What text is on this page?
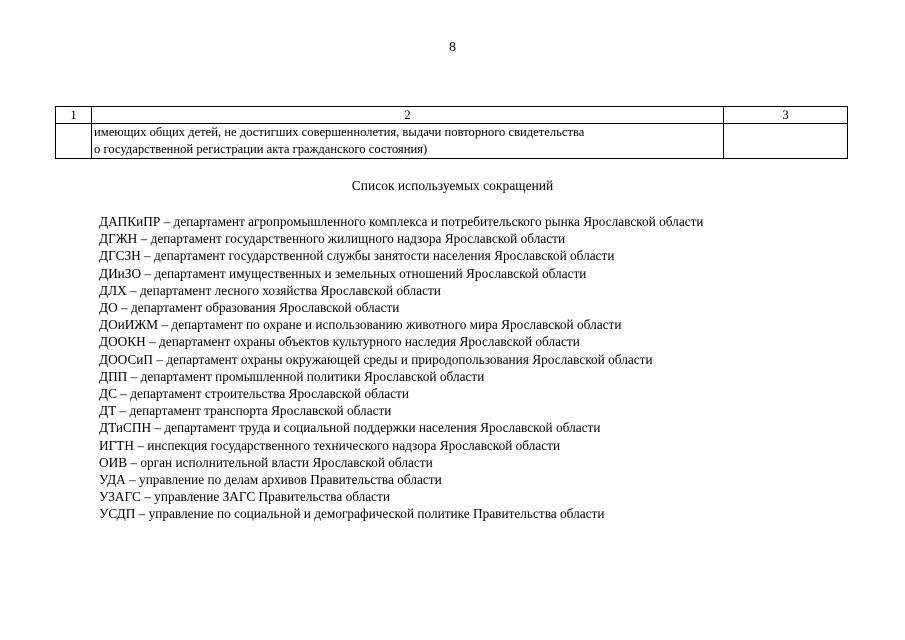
8
1	2	3

	имеющих общих детей, не достигших совершеннолетия, выдачи повторного свидетельства
о государственной регистрации акта гражданского состояния)	

Список используемых сокращений
ДАПКиПР – департамент агропромышленного комплекса и потребительского рынка Ярославской области
ДГЖН – департамент государственного жилищного надзора Ярославской области
ДГСЗН – департамент государственной службы занятости населения Ярославской области
ДИиЗО – департамент имущественных и земельных отношений Ярославской области
ДЛХ – департамент лесного хозяйства Ярославской области
ДО – департамент образования Ярославской области
ДОиИЖМ – департамент по охране и использованию животного мира Ярославской области
ДООКН – департамент охраны объектов культурного наследия Ярославской области
ДООСиП – департамент охраны окружающей среды и природопользования Ярославской области
ДПП – департамент промышленной политики Ярославской области
ДС – департамент строительства Ярославской области
ДТ – департамент транспорта Ярославской области
ДТиСПН – департамент труда и социальной поддержки населения Ярославской области
ИГТН – инспекция государственного технического надзора Ярославской области
ОИВ – орган исполнительной власти Ярославской области
УДА – управление по делам архивов Правительства области
УЗАГС – управление ЗАГС Правительства области
УСДП – управление по социальной и демографической политике Правительства области
